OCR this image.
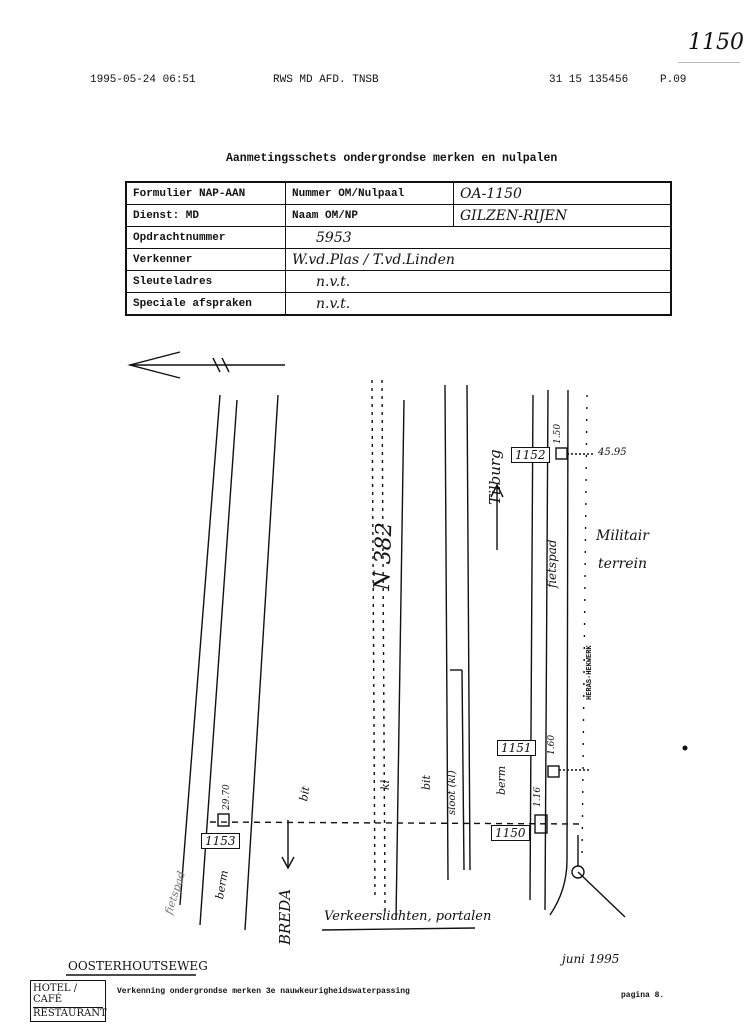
1150
1995-05-24 06:51	RWS MD AFD. TNSB	31 15 135456	P.09
Aanmetingsschets ondergrondse merken en nulpalen
Formulier NAP-AAN	Nummer OM/Nulpaal	OA-1150
Dienst: MD	Naam OM/NP	GILZEN-RIJEN
Opdrachtnummer	5953	
Verkenner	W.vd.Plas / T.vd.Linden	
Sleuteladres	n.v.t.	
Speciale afspraken	n.v.t.	
N 382
Tilburg
BREDA
Militair
terrein
HERAS-HEKWERK
fietspad
fietspad berm
berm
bit
kl	bit sloot (kl)
Verkeerslichten, portalen
1152
1.50
45.95
1151	1.60
1150
1.16
1153
29.70
OOSTERHOUTSEWEG
HOTEL / CAFÉ
RESTAURANT
juni 1995
Verkenning ondergrondse merken 3e nauwkeurigheidswaterpassing	pagina 8.
